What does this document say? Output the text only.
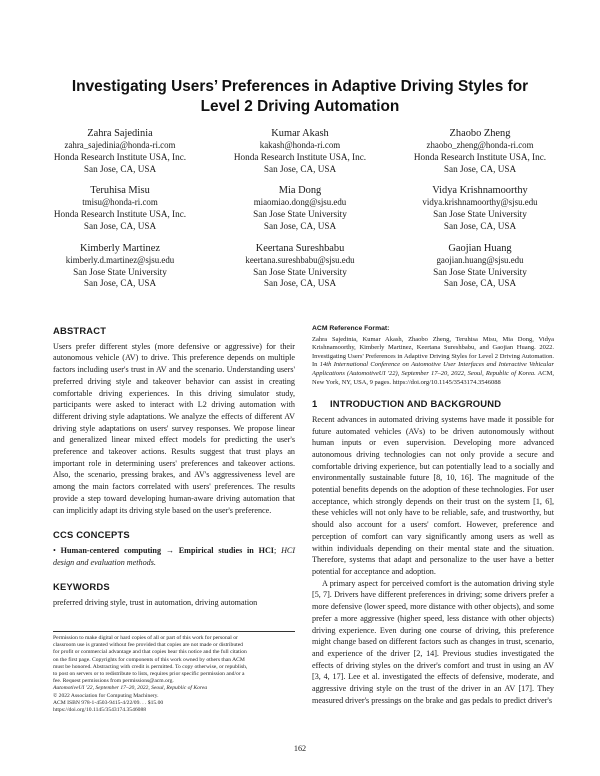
Investigating Users’ Preferences in Adaptive Driving Styles for
Level 2 Driving Automation
Zahra Sajedinia
zahra_sajedinia@honda-ri.com
Honda Research Institute USA, Inc.
San Jose, CA, USA
Kumar Akash
kakash@honda-ri.com
Honda Research Institute USA, Inc.
San Jose, CA, USA
Zhaobo Zheng
zhaobo_zheng@honda-ri.com
Honda Research Institute USA, Inc.
San Jose, CA, USA
Teruhisa Misu
tmisu@honda-ri.com
Honda Research Institute USA, Inc.
San Jose, CA, USA
Mia Dong
miaomiao.dong@sjsu.edu
San Jose State University
San Jose, CA, USA
Vidya Krishnamoorthy
vidya.krishnamoorthy@sjsu.edu
San Jose State University
San Jose, CA, USA
Kimberly Martinez
kimberly.d.martinez@sjsu.edu
San Jose State University
San Jose, CA, USA
Keertana Sureshbabu
keertana.sureshbabu@sjsu.edu
San Jose State University
San Jose, CA, USA
Gaojian Huang
gaojian.huang@sjsu.edu
San Jose State University
San Jose, CA, USA
ABSTRACT

Users prefer different styles (more defensive or aggressive) for their autonomous vehicle (AV) to drive. This preference depends on multiple factors including user's trust in AV and the scenario. Understanding users' preferred driving style and takeover behavior can assist in creating comfortable driving experiences. In this driving simulator study, participants were asked to interact with L2 driving automation with different driving style adaptations. We analyze the effects of different AV driving style adaptations on users' survey responses. We propose linear and generalized linear mixed effect models for predicting the user's preference and takeover actions. Results suggest that trust plays an important role in determining users' preferences and takeover actions. Also, the scenario, pressing brakes, and AV's aggressiveness level are among the main factors correlated with users' preferences. The results provide a step toward developing human-aware driving automation that can implicitly adapt its driving style based on the user's preference.

CCS CONCEPTS

• Human-centered computing → Empirical studies in HCI; HCI design and evaluation methods.

KEYWORDS

preferred driving style, trust in automation, driving automation

Permission to make digital or hard copies of all or part of this work for personal or
classroom use is granted without fee provided that copies are not made or distributed
for profit or commercial advantage and that copies bear this notice and the full citation
on the first page. Copyrights for components of this work owned by others than ACM
must be honored. Abstracting with credit is permitted. To copy otherwise, or republish,
to post on servers or to redistribute to lists, requires prior specific permission and/or a
fee. Request permissions from permissions@acm.org.
AutomotiveUI '22, September 17–20, 2022, Seoul, Republic of Korea
© 2022 Association for Computing Machinery.
ACM ISBN 978-1-4503-9415-4/22/09. . . $15.00
https://doi.org/10.1145/3543174.3546088
ACM Reference Format:
Zahra Sajedinia, Kumar Akash, Zhaobo Zheng, Teruhisa Misu, Mia Dong, Vidya Krishnamoorthy, Kimberly Martinez, Keertana Sureshbabu, and Gaojian Huang. 2022. Investigating Users' Preferences in Adaptive Driving Styles for Level 2 Driving Automation. In 14th International Conference on Automotive User Interfaces and Interactive Vehicular Applications (AutomotiveUI '22), September 17–20, 2022, Seoul, Republic of Korea. ACM, New York, NY, USA, 9 pages. https://doi.org/10.1145/3543174.3546088
1 INTRODUCTION AND BACKGROUND

Recent advances in automated driving systems have made it possible for future automated vehicles (AVs) to be driven autonomously without human inputs or even supervision. Developing more advanced autonomous driving technologies can not only provide a secure and comfortable driving experience, but can potentially lead to a socially and environmentally sustainable future [8, 10, 16]. The magnitude of the potential benefits depends on the adoption of these technologies. For user acceptance, which strongly depends on their trust on the system [1, 6], these vehicles will not only have to be reliable, safe, and trustworthy, but should also account for a users' comfort. However, preference and perception of comfort can vary significantly among users as well as within individuals depending on their mental state and the situation. Therefore, systems that adapt and personalize to the user have a better potential for acceptance and adoption.

A primary aspect for perceived comfort is the automation driving style [5, 7]. Drivers have different preferences in driving; some drivers prefer a more defensive (lower speed, more distance with other objects), and some prefer a more aggressive (higher speed, less distance with other objects) driving experience. Even during one course of driving, this preference might change based on different factors such as changes in trust, scenario, and experience of the driver [2, 14]. Previous studies investigated the effects of driving styles on the driver's comfort and trust in using an AV [3, 4, 17]. Lee et al. investigated the effects of defensive, moderate, and aggressive driving style on the trust of the driver in an AV [17]. They measured driver's pressings on the brake and gas pedals to predict driver's

162
